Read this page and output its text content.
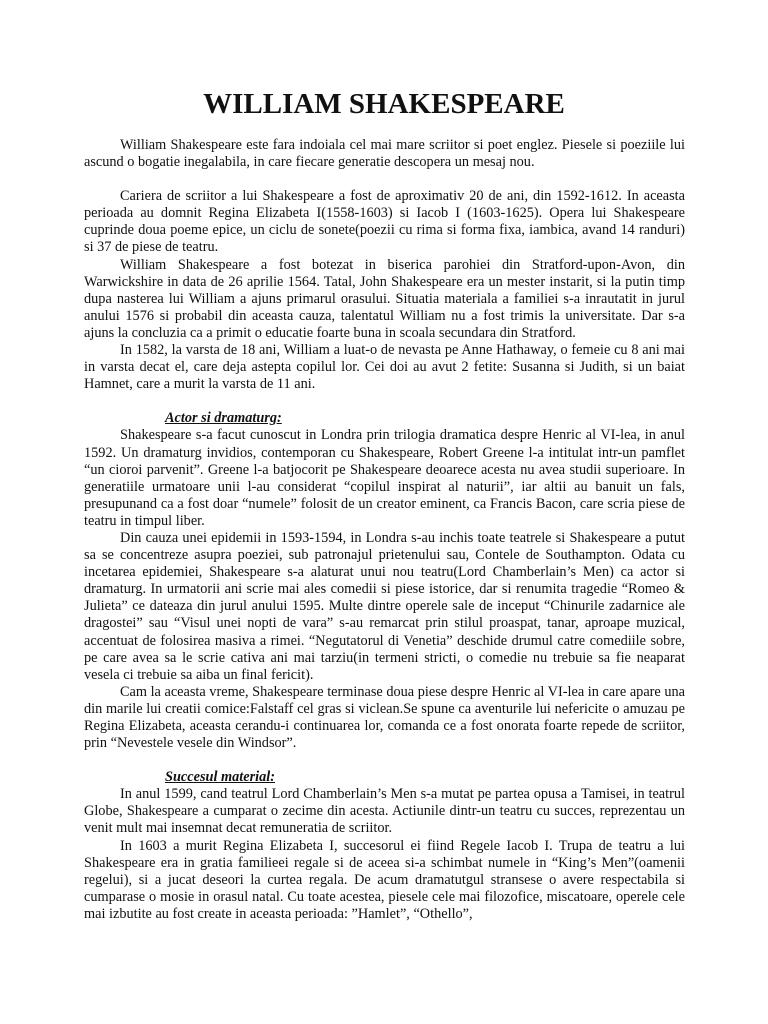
WILLIAM SHAKESPEARE

William Shakespeare este fara indoiala cel mai mare scriitor si poet englez. Piesele si poeziile lui ascund o bogatie inegalabila, in care fiecare generatie descopera un mesaj nou.

Cariera de scriitor a lui Shakespeare a fost de aproximativ 20 de ani, din 1592-1612. In aceasta perioada au domnit Regina Elizabeta I(1558-1603) si Iacob I (1603-1625). Opera lui Shakespeare cuprinde doua poeme epice, un ciclu de sonete(poezii cu rima si forma fixa, iambica, avand 14 randuri) si 37 de piese de teatru.

William Shakespeare a fost botezat in biserica parohiei din Stratford-upon-Avon, din Warwickshire in data de 26 aprilie 1564. Tatal, John Shakespeare era un mester instarit, si la putin timp dupa nasterea lui William a ajuns primarul orasului. Situatia materiala a familiei s-a inrautatit in jurul anului 1576 si probabil din aceasta cauza, talentatul William nu a fost trimis la universitate. Dar s-a ajuns la concluzia ca a primit o educatie foarte buna in scoala secundara din Stratford.

In 1582, la varsta de 18 ani, William a luat-o de nevasta pe Anne Hathaway, o femeie cu 8 ani mai in varsta decat el, care deja astepta copilul lor. Cei doi au avut 2 fetite: Susanna si Judith, si un baiat Hamnet, care a murit la varsta de 11 ani.

Actor si dramaturg:

Shakespeare s-a facut cunoscut in Londra prin trilogia dramatica despre Henric al VI-lea, in anul 1592. Un dramaturg invidios, contemporan cu Shakespeare, Robert Greene l-a intitulat intr-un pamflet “un cioroi parvenit”. Greene l-a batjocorit pe Shakespeare deoarece acesta nu avea studii superioare. In generatiile urmatoare unii l-au considerat “copilul inspirat al naturii”, iar altii au banuit un fals, presupunand ca a fost doar “numele” folosit de un creator eminent, ca Francis Bacon, care scria piese de teatru in timpul liber.

Din cauza unei epidemii in 1593-1594, in Londra s-au inchis toate teatrele si Shakespeare a putut sa se concentreze asupra poeziei, sub patronajul prietenului sau, Contele de Southampton. Odata cu incetarea epidemiei, Shakespeare s-a alaturat unui nou teatru(Lord Chamberlain’s Men) ca actor si dramaturg. In urmatorii ani scrie mai ales comedii si piese istorice, dar si renumita tragedie “Romeo & Julieta” ce dateaza din jurul anului 1595. Multe dintre operele sale de inceput “Chinurile zadarnice ale dragostei” sau “Visul unei nopti de vara” s-au remarcat prin stilul proaspat, tanar, aproape muzical, accentuat de folosirea masiva a rimei. “Negutatorul di Venetia” deschide drumul catre comediile sobre, pe care avea sa le scrie cativa ani mai tarziu(in termeni stricti, o comedie nu trebuie sa fie neaparat vesela ci trebuie sa aiba un final fericit).

Cam la aceasta vreme, Shakespeare terminase doua piese despre Henric al VI-lea in care apare una din marile lui creatii comice:Falstaff cel gras si viclean.Se spune ca aventurile lui nefericite o amuzau pe Regina Elizabeta, aceasta cerandu-i continuarea lor, comanda ce a fost onorata foarte repede de scriitor, prin “Nevestele vesele din Windsor”.

Succesul material:

In anul 1599, cand teatrul Lord Chamberlain’s Men s-a mutat pe partea opusa a Tamisei, in teatrul Globe, Shakespeare a cumparat o zecime din acesta. Actiunile dintr-un teatru cu succes, reprezentau un venit mult mai insemnat decat remuneratia de scriitor.

In 1603 a murit Regina Elizabeta I, succesorul ei fiind Regele Iacob I. Trupa de teatru a lui Shakespeare era in gratia familieei regale si de aceea si-a schimbat numele in “King’s Men”(oamenii regelui), si a jucat deseori la curtea regala. De acum dramatutgul stransese o avere respectabila si cumparase o mosie in orasul natal. Cu toate acestea, piesele cele mai filozofice, miscatoare, operele cele mai izbutite au fost create in aceasta perioada: ”Hamlet”, “Othello”,
